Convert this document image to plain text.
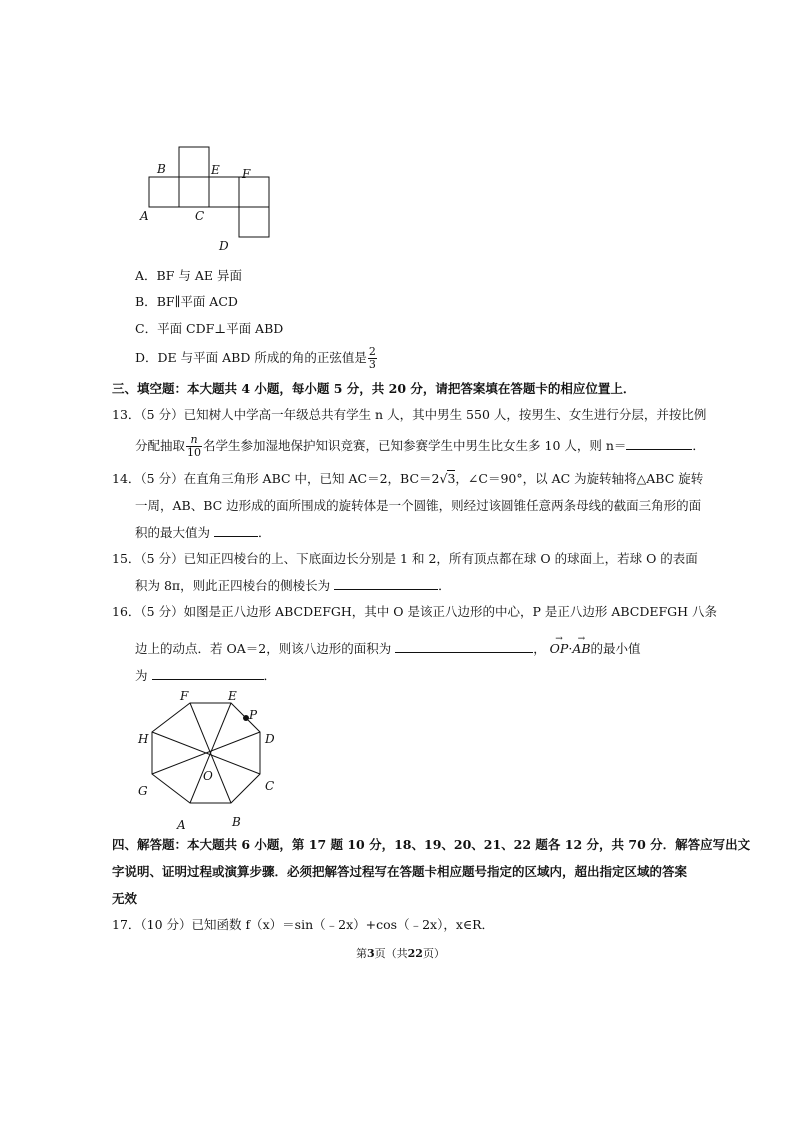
B	E F
A	C
D
A．BF 与 AE 异面
B．BF∥平面 ACD
C．平面 CDF⊥平面 ABD
D．DE 与平面 ABD 所成的角的正弦值是 $\frac{2}{3}$
三、填空题：本大题共 4 小题，每小题 5 分，共 20 分，请把答案填在答题卡的相应位置上．
13．（5 分）已知树人中学高一年级总共有学生 n 人，其中男生 550 人，按男生、女生进行分层，并按比例
分配抽取 $\frac{n}{10}$ 名学生参加湿地保护知识竞赛，已知参赛学生中男生比女生多 10 人，则 n＝	．
14．（5 分）在直角三角形 ABC 中，已知 AC＝2，BC＝2√3，∠C＝90°，以 AC 为旋转轴将△ABC 旋转
一周，AB、BC 边形成的面所围成的旋转体是一个圆锥，则经过该圆锥任意两条母线的截面三角形的面
积的最大值为	．
15．（5 分）已知正四棱台的上、下底面边长分别是 1 和 2，所有顶点都在球 O 的球面上，若球 O 的表面
积为 8π，则此正四棱台的侧棱长为	．
16．（5 分）如图是正八边形 ABCDEFGH，其中 O 是该正八边形的中心，P 是正八边形 ABCDEFGH 八条
边上的动点．若 OA＝2，则该八边形的面积为	， → OP·→ AB的最小值
为	．
F	E
P
H	D
O
G	C
A	B
四、解答题：本大题共 6 小题，第 17 题 10 分，18、19、20、21、22 题各 12 分，共 70 分．解答应写出文
字说明、证明过程或演算步骤．必须把解答过程写在答题卡相应题号指定的区域内，超出指定区域的答案
无效
17．（10 分）已知函数 f（x）＝sin（﹣2x）+cos（﹣2x），x∈R．
第3页（共22页）
